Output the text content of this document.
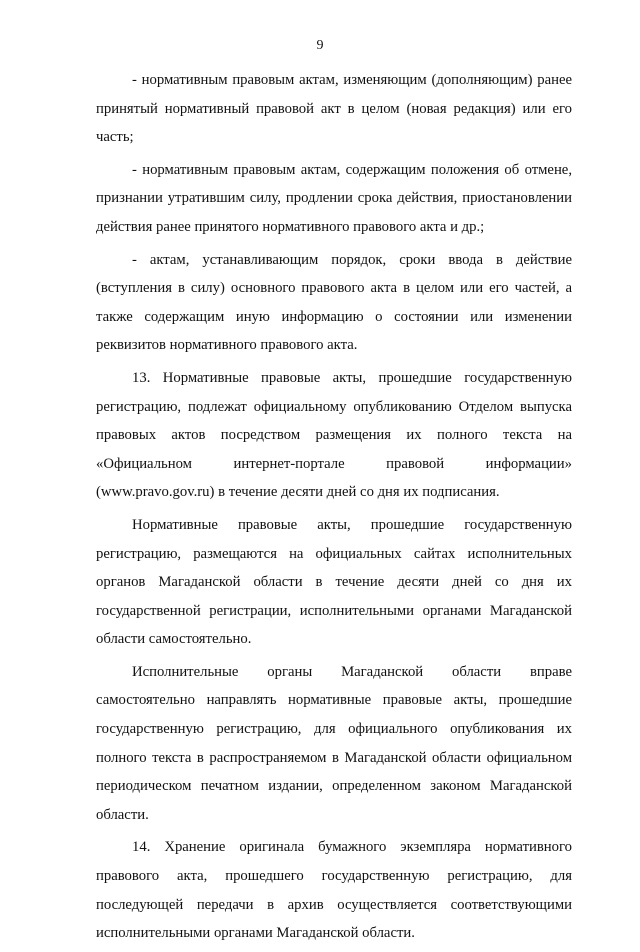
9

- нормативным правовым актам, изменяющим (дополняющим) ранее принятый нормативный правовой акт в целом (новая редакция) или его часть;

- нормативным правовым актам, содержащим положения об отмене, признании утратившим силу, продлении срока действия, приостановлении действия ранее принятого нормативного правового акта и др.;

- актам, устанавливающим порядок, сроки ввода в действие (вступления в силу) основного правового акта в целом или его частей, а также содержащим иную информацию о состоянии или изменении реквизитов нормативного правового акта.

13. Нормативные правовые акты, прошедшие государственную регистрацию, подлежат официальному опубликованию Отделом выпуска правовых актов посредством размещения их полного текста на «Официальном интернет-портале правовой информации» (www.pravo.gov.ru) в течение десяти дней со дня их подписания.

Нормативные правовые акты, прошедшие государственную регистрацию, размещаются на официальных сайтах исполнительных органов Магаданской области в течение десяти дней со дня их государственной регистрации, исполнительными органами Магаданской области самостоятельно.

Исполнительные органы Магаданской области вправе самостоятельно направлять нормативные правовые акты, прошедшие государственную регистрацию, для официального опубликования их полного текста в распространяемом в Магаданской области официальном периодическом печатном издании, определенном законом Магаданской области.

14. Хранение оригинала бумажного экземпляра нормативного правового акта, прошедшего государственную регистрацию, для последующей передачи в архив осуществляется соответствующими исполнительными органами Магаданской области.
